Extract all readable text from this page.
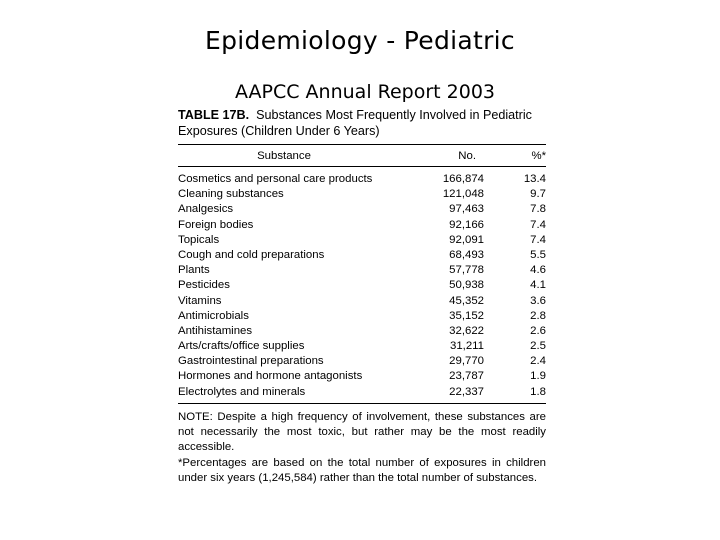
Epidemiology - Pediatric
AAPCC Annual Report 2003
TABLE 17B. Substances Most Frequently Involved in Pediatric Exposures (Children Under 6 Years)
Substance	No.	%*
Cosmetics and personal care products	166,874	13.4
Cleaning substances	121,048	9.7
Analgesics	97,463	7.8
Foreign bodies	92,166	7.4
Topicals	92,091	7.4
Cough and cold preparations	68,493	5.5
Plants	57,778	4.6
Pesticides	50,938	4.1
Vitamins	45,352	3.6
Antimicrobials	35,152	2.8
Antihistamines	32,622	2.6
Arts/crafts/office supplies	31,211	2.5
Gastrointestinal preparations	29,770	2.4
Hormones and hormone antagonists	23,787	1.9
Electrolytes and minerals	22,337	1.8

NOTE: Despite a high frequency of involvement, these substances are not necessarily the most toxic, but rather may be the most readily accessible.

*Percentages are based on the total number of exposures in children under six years (1,245,584) rather than the total number of substances.
